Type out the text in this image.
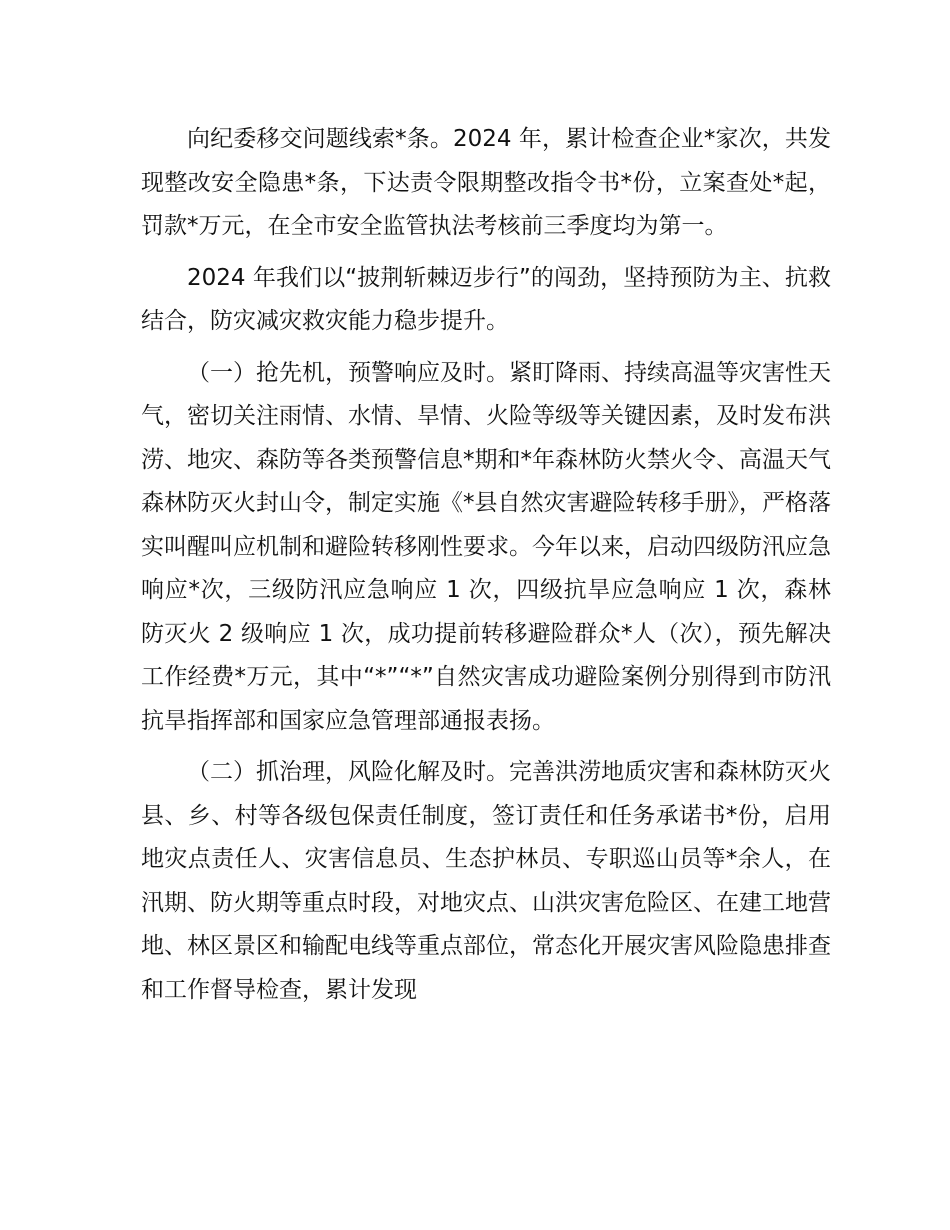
向纪委移交问题线索*条。2024 年，累计检查企业*家次，共发现整改安全隐患*条，下达责令限期整改指令书*份，立案查处*起，罚款*万元，在全市安全监管执法考核前三季度均为第一。

2024 年我们以“披荆斩棘迈步行”的闯劲，坚持预防为主、抗救结合，防灾减灾救灾能力稳步提升。

（一）抢先机，预警响应及时。紧盯降雨、持续高温等灾害性天气，密切关注雨情、水情、旱情、火险等级等关键因素，及时发布洪涝、地灾、森防等各类预警信息*期和*年森林防火禁火令、高温天气森林防灭火封山令，制定实施《*县自然灾害避险转移手册》，严格落实叫醒叫应机制和避险转移刚性要求。今年以来，启动四级防汛应急响应*次，三级防汛应急响应 1 次，四级抗旱应急响应 1 次，森林防灭火 2 级响应 1 次，成功提前转移避险群众*人（次），预先解决工作经费*万元，其中“*”“*”自然灾害成功避险案例分别得到市防汛抗旱指挥部和国家应急管理部通报表扬。

（二）抓治理，风险化解及时。完善洪涝地质灾害和森林防灭火县、乡、村等各级包保责任制度，签订责任和任务承诺书*份，启用地灾点责任人、灾害信息员、生态护林员、专职巡山员等*余人，在汛期、防火期等重点时段，对地灾点、山洪灾害危险区、在建工地营地、林区景区和输配电线等重点部位，常态化开展灾害风险隐患排查和工作督导检查，累计发现
